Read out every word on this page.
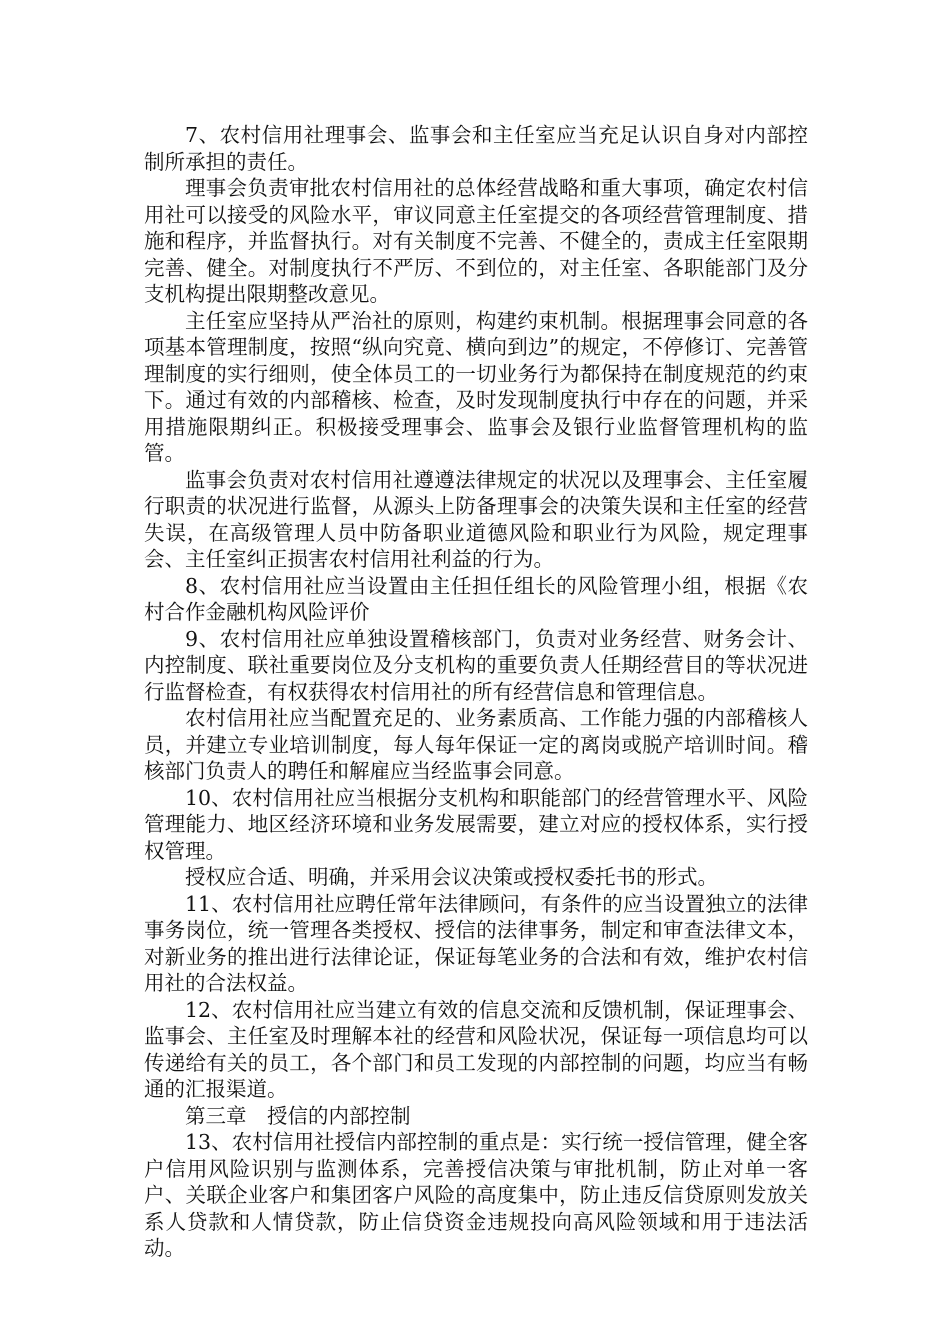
7、农村信用社理事会、监事会和主任室应当充足认识自身对内部控制所承担的责任。

理事会负责审批农村信用社的总体经营战略和重大事项，确定农村信用社可以接受的风险水平，审议同意主任室提交的各项经营管理制度、措施和程序，并监督执行。对有关制度不完善、不健全的，责成主任室限期完善、健全。对制度执行不严厉、不到位的，对主任室、各职能部门及分支机构提出限期整改意见。

主任室应坚持从严治社的原则，构建约束机制。根据理事会同意的各项基本管理制度，按照“纵向究竟、横向到边”的规定，不停修订、完善管理制度的实行细则，使全体员工的一切业务行为都保持在制度规范的约束下。通过有效的内部稽核、检查，及时发现制度执行中存在的问题，并采用措施限期纠正。积极接受理事会、监事会及银行业监督管理机构的监管。

监事会负责对农村信用社遵遵法律规定的状况以及理事会、主任室履行职责的状况进行监督，从源头上防备理事会的决策失误和主任室的经营失误，在高级管理人员中防备职业道德风险和职业行为风险，规定理事会、主任室纠正损害农村信用社利益的行为。

8、农村信用社应当设置由主任担任组长的风险管理小组，根据《农村合作金融机构风险评价

9、农村信用社应单独设置稽核部门，负责对业务经营、财务会计、内控制度、联社重要岗位及分支机构的重要负责人任期经营目的等状况进行监督检查，有权获得农村信用社的所有经营信息和管理信息。

农村信用社应当配置充足的、业务素质高、工作能力强的内部稽核人员，并建立专业培训制度，每人每年保证一定的离岗或脱产培训时间。稽核部门负责人的聘任和解雇应当经监事会同意。

10、农村信用社应当根据分支机构和职能部门的经营管理水平、风险管理能力、地区经济环境和业务发展需要，建立对应的授权体系，实行授权管理。

授权应合适、明确，并采用会议决策或授权委托书的形式。

11、农村信用社应聘任常年法律顾问，有条件的应当设置独立的法律事务岗位，统一管理各类授权、授信的法律事务，制定和审查法律文本，对新业务的推出进行法律论证，保证每笔业务的合法和有效，维护农村信用社的合法权益。

12、农村信用社应当建立有效的信息交流和反馈机制，保证理事会、监事会、主任室及时理解本社的经营和风险状况，保证每一项信息均可以传递给有关的员工，各个部门和员工发现的内部控制的问题，均应当有畅通的汇报渠道。

第三章　授信的内部控制

13、农村信用社授信内部控制的重点是：实行统一授信管理，健全客户信用风险识别与监测体系，完善授信决策与审批机制，防止对单一客户、关联企业客户和集团客户风险的高度集中，防止违反信贷原则发放关系人贷款和人情贷款，防止信贷资金违规投向高风险领域和用于违法活动。
